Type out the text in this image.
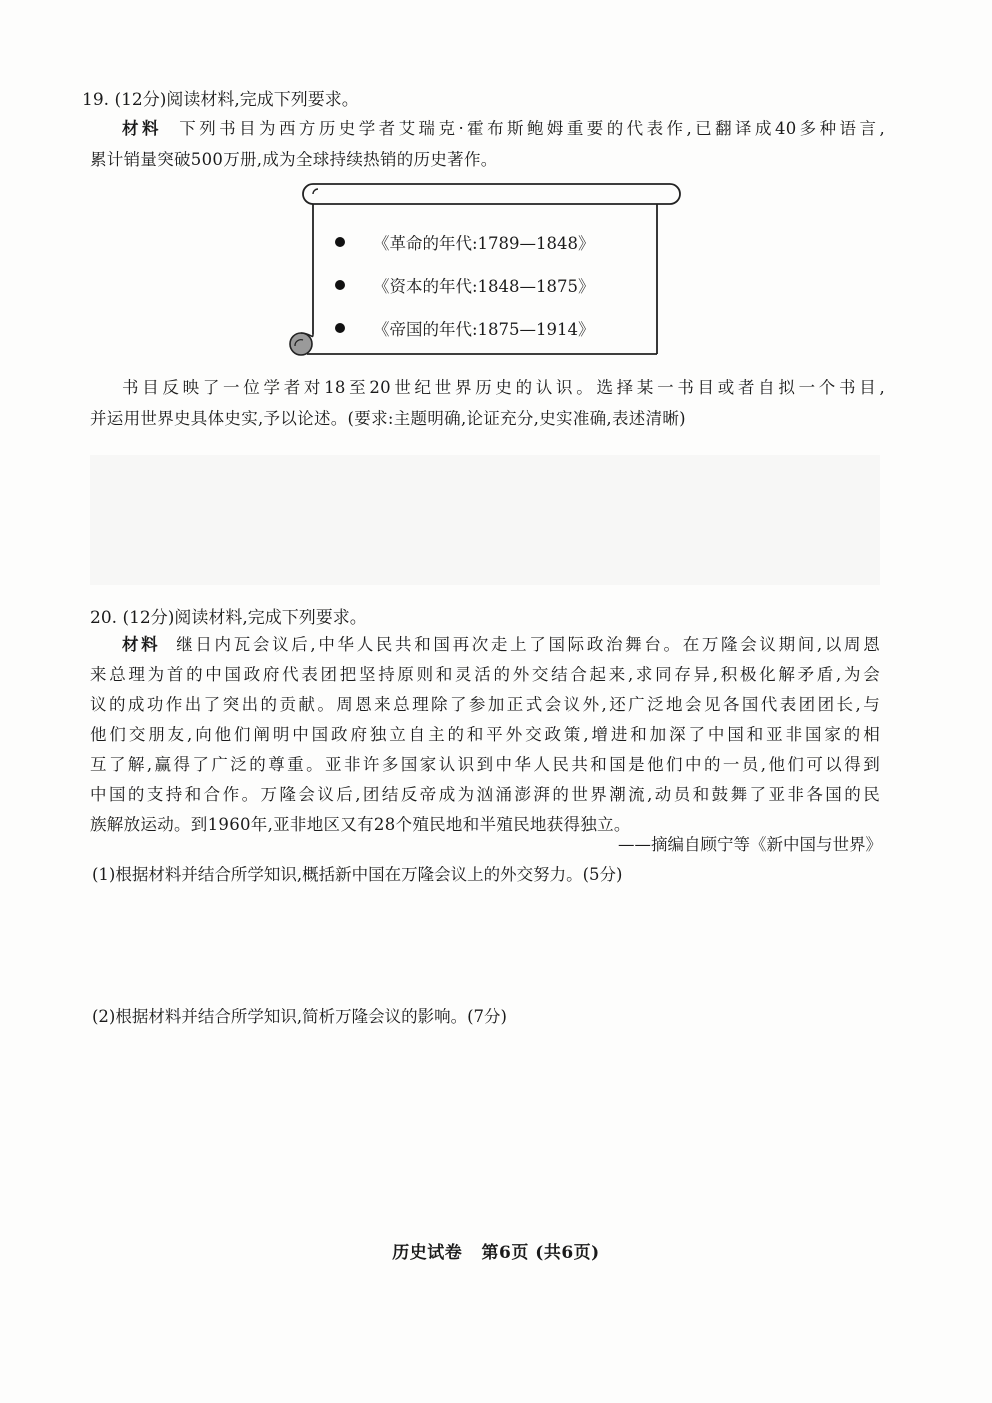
19. (12分)阅读材料,完成下列要求。
材料 下列书目为西方历史学者艾瑞克·霍布斯鲍姆重要的代表作,已翻译成40多种语言,
累计销量突破500万册,成为全球持续热销的历史著作。
《革命的年代:1789—1848》
《资本的年代:1848—1875》
《帝国的年代:1875—1914》
书目反映了一位学者对18至20世纪世界历史的认识。选择某一书目或者自拟一个书目,
并运用世界史具体史实,予以论述。(要求:主题明确,论证充分,史实准确,表述清晰)
20. (12分)阅读材料,完成下列要求。
材料 继日内瓦会议后,中华人民共和国再次走上了国际政治舞台。在万隆会议期间,以周恩
来总理为首的中国政府代表团把坚持原则和灵活的外交结合起来,求同存异,积极化解矛盾,为会
议的成功作出了突出的贡献。周恩来总理除了参加正式会议外,还广泛地会见各国代表团团长,与
他们交朋友,向他们阐明中国政府独立自主的和平外交政策,增进和加深了中国和亚非国家的相
互了解,赢得了广泛的尊重。亚非许多国家认识到中华人民共和国是他们中的一员,他们可以得到
中国的支持和合作。万隆会议后,团结反帝成为汹涌澎湃的世界潮流,动员和鼓舞了亚非各国的民
族解放运动。到1960年,亚非地区又有28个殖民地和半殖民地获得独立。
——摘编自顾宁等《新中国与世界》
(1)根据材料并结合所学知识,概括新中国在万隆会议上的外交努力。(5分)
(2)根据材料并结合所学知识,简析万隆会议的影响。(7分)
历史试卷   第6页 (共6页)
